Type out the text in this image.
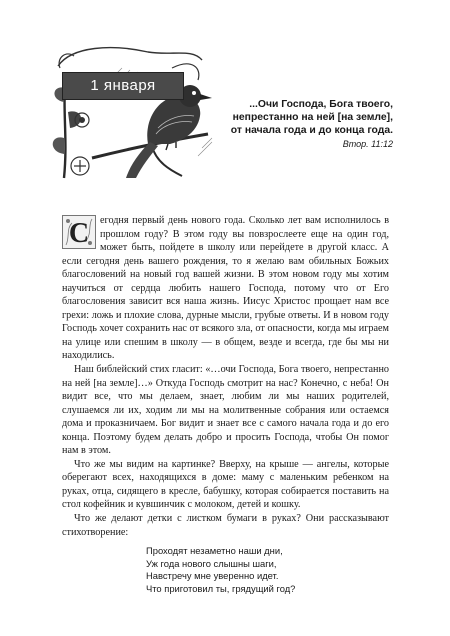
1 января
...Очи Господа, Бога твоего,
непрестанно на ней [на земле],
от начала года и до конца года.
Втор. 11:12

С егодня первый день нового года. Сколько лет вам исполнилось в прошлом году? В этом году вы повзрослеете еще на один год, может быть, пойдете в школу или перейдете в другой класс. А если сегодня день вашего рождения, то я желаю вам обильных Божьих благословений на новый год вашей жизни. В этом новом году мы хотим научиться от сердца любить нашего Господа, потому что от Его благословения зависит вся наша жизнь. Иисус Христос прощает нам все грехи: ложь и плохие слова, дурные мысли, грубые ответы. И в новом году Господь хочет сохранить нас от всякого зла, от опасности, когда мы играем на улице или спешим в школу — в общем, везде и всегда, где бы мы ни находились.

Наш библейский стих гласит: «…очи Господа, Бога твоего, непрестанно на ней [на земле]…» Откуда Господь смотрит на нас? Конечно, с неба! Он видит все, что мы делаем, знает, любим ли мы наших родителей, слушаемся ли их, ходим ли мы на молитвенные собрания или остаемся дома и проказничаем. Бог видит и знает все с самого начала года и до его конца. Поэтому будем делать добро и просить Господа, чтобы Он помог нам в этом.

Что же мы видим на картинке? Вверху, на крыше — ангелы, которые оберегают всех, находящихся в доме: маму с маленьким ребенком на руках, отца, сидящего в кресле, бабушку, которая собирается поставить на стол кофейник и кувшинчик с молоком, детей и кошку.

Что же делают детки с листком бумаги в руках? Они рассказывают стихотворение:

Проходят незаметно наши дни,
Уж года нового слышны шаги,
Навстречу мне уверенно идет.
Что приготовил ты, грядущий год?
